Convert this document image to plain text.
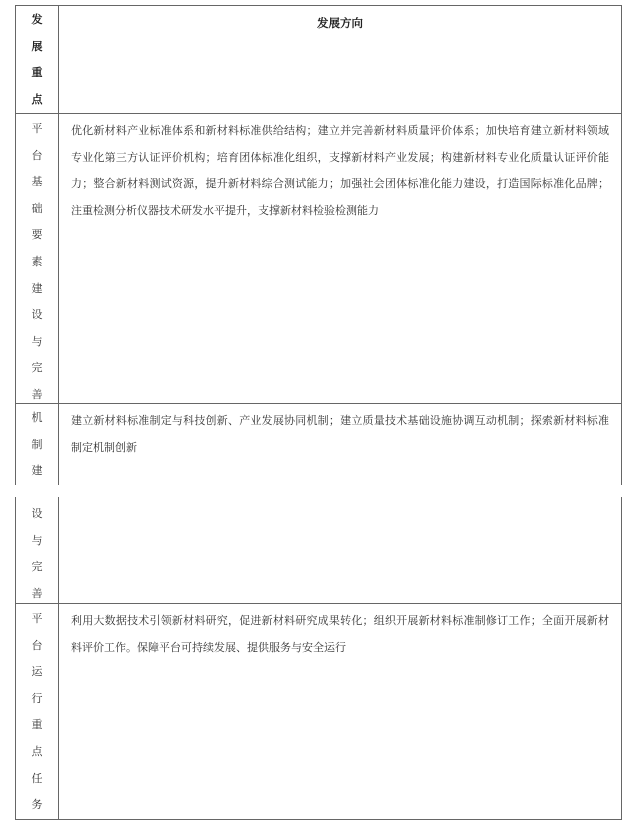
发展重点
发展方向
平台基础要素建设与完善
优化新材料产业标准体系和新材料标准供给结构；建立并完善新材料质量评价体系；加快培育建立新材料领域专业化第三方认证评价机构；培育团体标准化组织，支撑新材料产业发展；构建新材料专业化质量认证评价能力；整合新材料测试资源，提升新材料综合测试能力；加强社会团体标准化能力建设，打造国际标准化品牌；注重检测分析仪器技术研发水平提升，支撑新材料检验检测能力
机制建
建立新材料标准制定与科技创新、产业发展协同机制；建立质量技术基础设施协调互动机制；探索新材料标准制定机制创新
设与完善
平台运行重点任务
利用大数据技术引领新材料研究，促进新材料研究成果转化；组织开展新材料标准制修订工作；全面开展新材料评价工作。保障平台可持续发展、提供服务与安全运行
